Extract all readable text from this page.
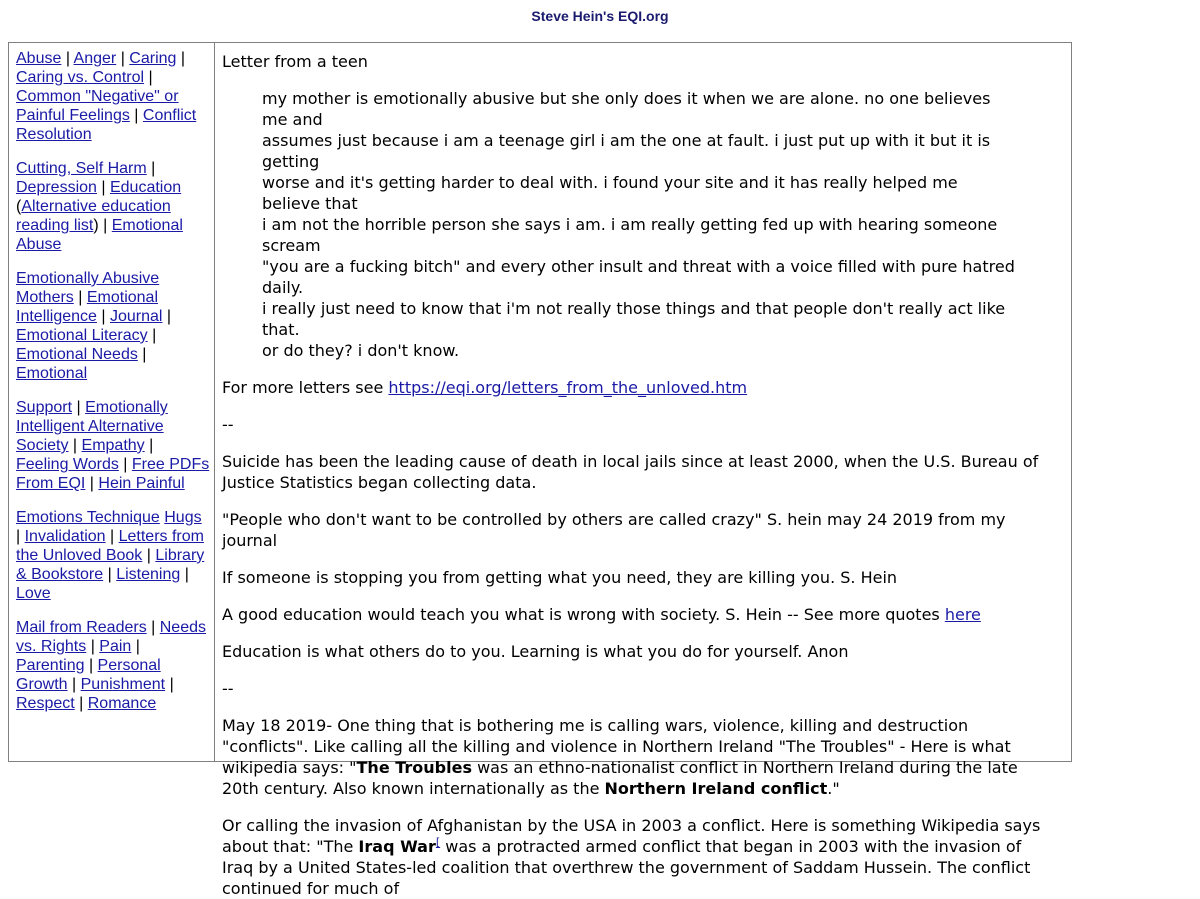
Steve Hein's EQI.org

Abuse | Anger | Caring | Caring vs. Control | Common "Negative" or Painful Feelings | Conflict Resolution

Cutting, Self Harm | Depression | Education (Alternative education reading list) | Emotional Abuse

Emotionally Abusive Mothers | Emotional Intelligence | Journal | Emotional Literacy | Emotional Needs | Emotional

Support | Emotionally Intelligent Alternative Society | Empathy | Feeling Words | Free PDFs From EQI | Hein Painful

Emotions Technique Hugs | Invalidation | Letters from the Unloved Book | Library & Bookstore | Listening | Love

Mail from Readers | Needs vs. Rights | Pain | Parenting | Personal Growth | Punishment | Respect | Romance

Letter from a teen

my mother is emotionally abusive but she only does it when we are alone. no one believes me and
assumes just because i am a teenage girl i am the one at fault. i just put up with it but it is getting
worse and it's getting harder to deal with. i found your site and it has really helped me believe that
i am not the horrible person she says i am. i am really getting fed up with hearing someone scream
"you are a fucking bitch" and every other insult and threat with a voice filled with pure hatred daily.
i really just need to know that i'm not really those things and that people don't really act like that.
or do they? i don't know.

For more letters see https://eqi.org/letters_from_the_unloved.htm

--

Suicide has been the leading cause of death in local jails since at least 2000, when the U.S. Bureau of Justice Statistics began collecting data.

"People who don't want to be controlled by others are called crazy" S. hein may 24 2019 from my journal

If someone is stopping you from getting what you need, they are killing you. S. Hein

A good education would teach you what is wrong with society. S. Hein -- See more quotes here

Education is what others do to you. Learning is what you do for yourself. Anon

--

May 18 2019- One thing that is bothering me is calling wars, violence, killing and destruction "conflicts". Like calling all the killing and violence in Northern Ireland "The Troubles" - Here is what wikipedia says: "The Troubles was an ethno-nationalist conflict in Northern Ireland during the late 20th century. Also known internationally as the Northern Ireland conflict."

Or calling the invasion of Afghanistan by the USA in 2003 a conflict. Here is something Wikipedia says about that: "The Iraq War[ was a protracted armed conflict that began in 2003 with the invasion of Iraq by a United States-led coalition that overthrew the government of Saddam Hussein. The conflict continued for much of
